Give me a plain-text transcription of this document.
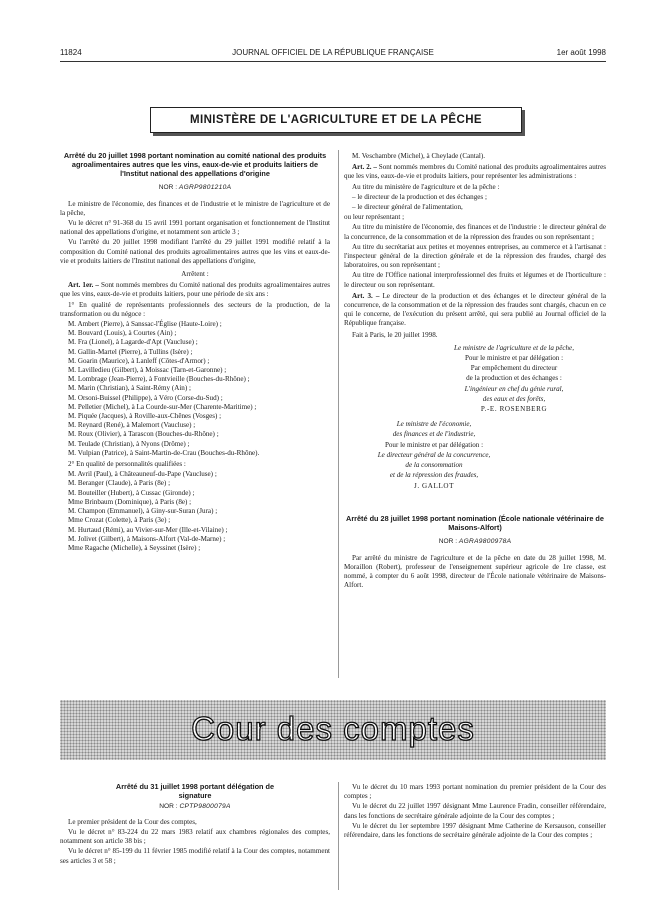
11824	JOURNAL OFFICIEL DE LA RÉPUBLIQUE FRANÇAISE	1er août 1998
MINISTÈRE DE L'AGRICULTURE ET DE LA PÊCHE
Arrêté du 20 juillet 1998 portant nomination au comité national des produits agroalimentaires autres que les vins, eaux-de-vie et produits laitiers de l'Institut national des appellations d'origine
NOR : AGRP9801210A

Le ministre de l'économie, des finances et de l'industrie et le ministre de l'agriculture et de la pêche,

Vu le décret n° 91-368 du 15 avril 1991 portant organisation et fonctionnement de l'Institut national des appellations d'origine, et notamment son article 3 ;

Vu l'arrêté du 20 juillet 1998 modifiant l'arrêté du 29 juillet 1991 modifié relatif à la composition du Comité national des produits agroalimentaires autres que les vins et eaux-de-vie et produits laitiers de l'Institut national des appellations d'origine,

Arrêtent :

Art. 1er. – Sont nommés membres du Comité national des produits agroalimentaires autres que les vins, eaux-de-vie et produits laitiers, pour une période de six ans :

1° En qualité de représentants professionnels des secteurs de la production, de la transformation ou du négoce :

M. Ambert (Pierre), à Sanssac-l'Église (Haute-Loire) ;

M. Bouvard (Louis), à Courtes (Ain) ;

M. Fra (Lionel), à Lagarde-d'Apt (Vaucluse) ;

M. Gallin-Martel (Pierre), à Tullins (Isère) ;

M. Goarin (Maurice), à Lanleff (Côtes-d'Armor) ;

M. Lavilledieu (Gilbert), à Moissac (Tarn-et-Garonne) ;

M. Lombrage (Jean-Pierre), à Fontvieille (Bouches-du-Rhône) ;

M. Marin (Christian), à Saint-Rémy (Ain) ;

M. Orsoni-Buissel (Philippe), à Véro (Corse-du-Sud) ;

M. Pelletier (Michel), à La Courde-sur-Mer (Charente-Maritime) ;

M. Piquée (Jacques), à Roville-aux-Chênes (Vosges) ;

M. Reynard (René), à Malemort (Vaucluse) ;

M. Roux (Olivier), à Tarascon (Bouches-du-Rhône) ;

M. Teulade (Christian), à Nyons (Drôme) ;

M. Vulpian (Patrice), à Saint-Martin-de-Crau (Bouches-du-Rhône).

2° En qualité de personnalités qualifiées :

M. Avril (Paul), à Châteauneuf-du-Pape (Vaucluse) ;

M. Beranger (Claude), à Paris (8e) ;

M. Bouteiller (Hubert), à Cussac (Gironde) ;

Mme Brinbaum (Dominique), à Paris (8e) ;

M. Champon (Emmanuel), à Giny-sur-Suran (Jura) ;

Mme Crozat (Colette), à Paris (3e) ;

M. Hurtaud (Rémi), au Vivier-sur-Mer (Ille-et-Vilaine) ;

M. Jolivet (Gilbert), à Maisons-Alfort (Val-de-Marne) ;

Mme Ragache (Michelle), à Seyssinet (Isère) ;

M. Veschambre (Michel), à Cheylade (Cantal).

Art. 2. – Sont nommés membres du Comité national des produits agroalimentaires autres que les vins, eaux-de-vie et produits laitiers, pour représenter les administrations :

Au titre du ministère de l'agriculture et de la pêche :

– le directeur de la production et des échanges ;

– le directeur général de l'alimentation,

ou leur représentant ;

Au titre du ministère de l'économie, des finances et de l'industrie : le directeur général de la concurrence, de la consommation et de la répression des fraudes ou son représentant ;

Au titre du secrétariat aux petites et moyennes entreprises, au commerce et à l'artisanat : l'inspecteur général de la direction générale et de la répression des fraudes, chargé des laboratoires, ou son représentant ;

Au titre de l'Office national interprofessionnel des fruits et légumes et de l'horticulture : le directeur ou son représentant.

Art. 3. – Le directeur de la production et des échanges et le directeur général de la concurrence, de la consommation et de la répression des fraudes sont chargés, chacun en ce qui le concerne, de l'exécution du présent arrêté, qui sera publié au Journal officiel de la République française.

Fait à Paris, le 20 juillet 1998.

Le ministre de l'agriculture et de la pêche,

Pour le ministre et par délégation :

Par empêchement du directeur

de la production et des échanges :

L'ingénieur en chef du génie rural,

des eaux et des forêts,

P.-E. ROSENBERG

Le ministre de l'économie,

des finances et de l'industrie,

Pour le ministre et par délégation :

Le directeur général de la concurrence,

de la consommation

et de la répression des fraudes,

J. GALLOT

Arrêté du 28 juillet 1998 portant nomination (École nationale vétérinaire de Maisons-Alfort)
NOR : AGRA9800978A

Par arrêté du ministre de l'agriculture et de la pêche en date du 28 juillet 1998, M. Moraillon (Robert), professeur de l'enseignement supérieur agricole de 1re classe, est nommé, à compter du 6 août 1998, directeur de l'École nationale vétérinaire de Maisons-Alfort.

Cour des comptes
Arrêté du 31 juillet 1998 portant délégation de signature
NOR : CPTP9800079A

Le premier président de la Cour des comptes,

Vu le décret n° 83-224 du 22 mars 1983 relatif aux chambres régionales des comptes, notamment son article 38 bis ;

Vu le décret n° 85-199 du 11 février 1985 modifié relatif à la Cour des comptes, notamment ses articles 3 et 58 ;

Vu le décret du 10 mars 1993 portant nomination du premier président de la Cour des comptes ;

Vu le décret du 22 juillet 1997 désignant Mme Laurence Fradin, conseiller référendaire, dans les fonctions de secrétaire générale adjointe de la Cour des comptes ;

Vu le décret du 1er septembre 1997 désignant Mme Catherine de Kersauson, conseiller référendaire, dans les fonctions de secrétaire générale adjointe de la Cour des comptes ;
